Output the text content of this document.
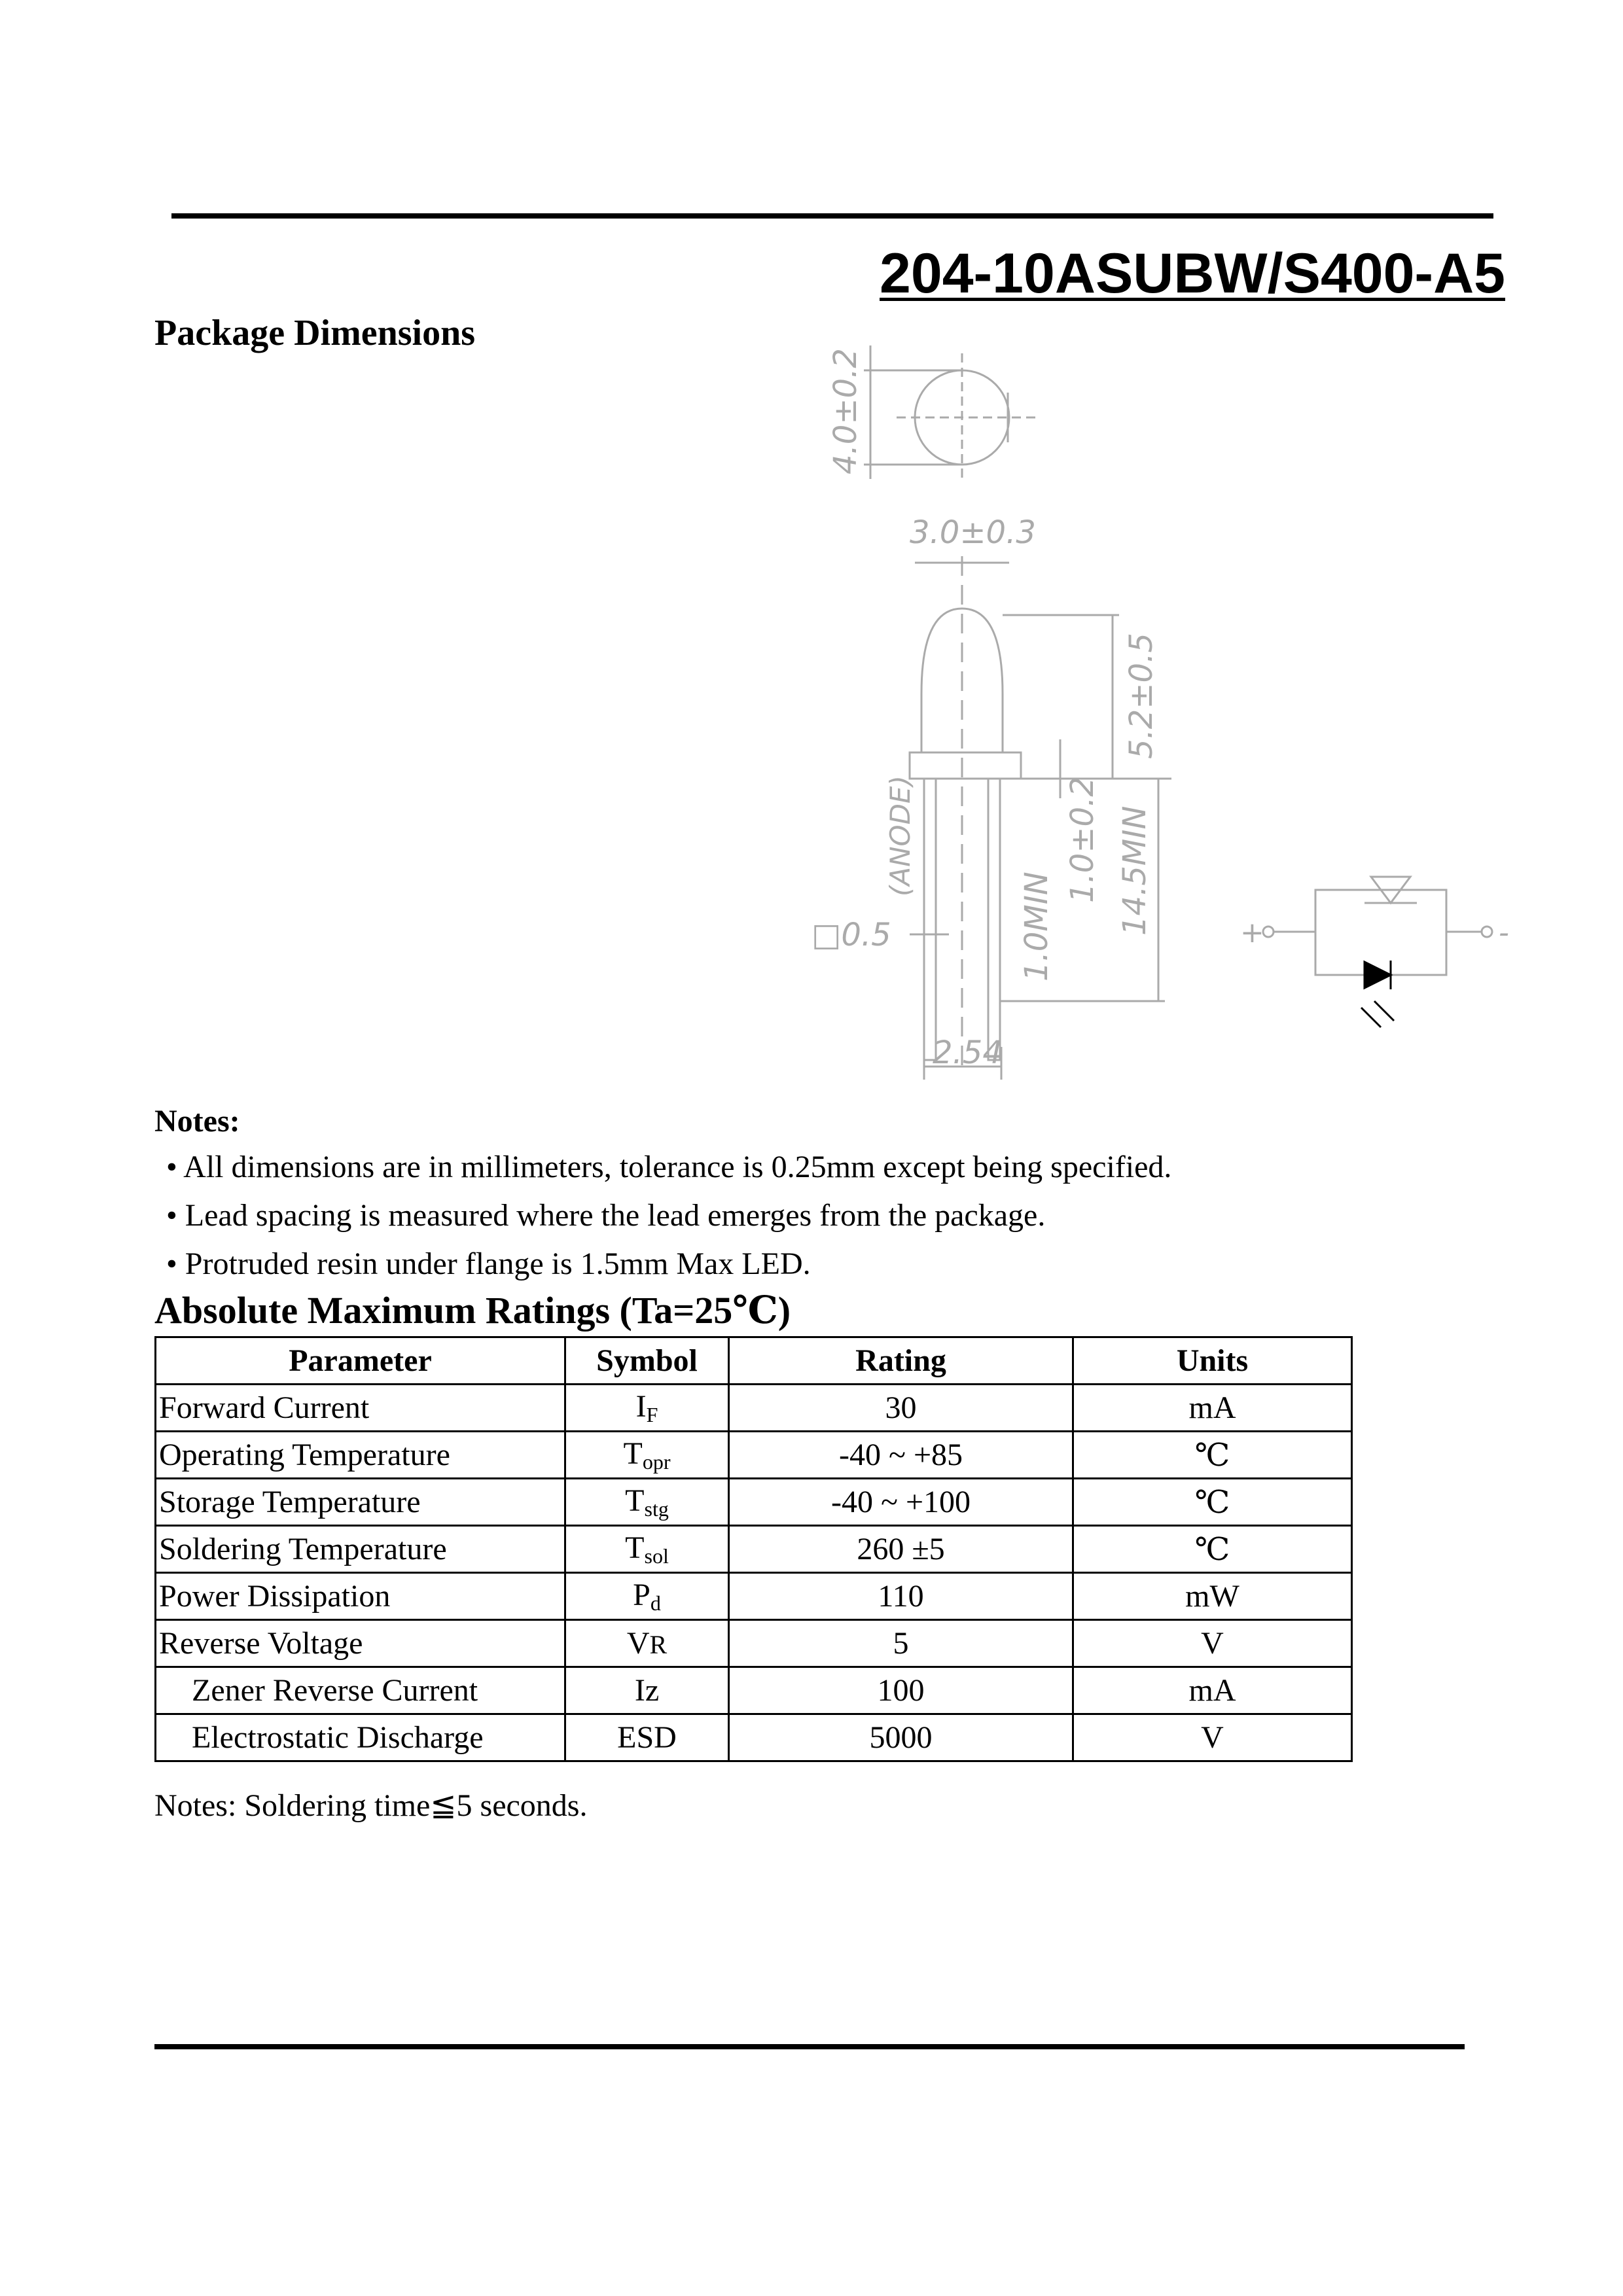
204-10ASUBW/S400-A5
Package Dimensions
4.0±0.2
3.0±0.3
5.2±0.5
1.0±0.2 14.5MIN
1.0MIN
□0.5
2.54
(ANODE)
+	-
Notes:
• All dimensions are in millimeters, tolerance is 0.25mm except being specified.
• Lead spacing is measured where the lead emerges from the package.
• Protruded resin under flange is 1.5mm Max LED.
Absolute Maximum Ratings (Ta=25℃)
Parameter	Symbol	Rating	Units
Forward Current	IF	30	mA
Operating Temperature	Topr	-40 ~ +85	℃
Storage Temperature	Tstg	-40 ~ +100	℃
Soldering Temperature	Tsol	260 ±5	℃
Power Dissipation	Pd	110	mW
Reverse Voltage	VR	5	V
Zener Reverse Current	Iz	100	mA
Electrostatic Discharge	ESD	5000	V
Notes: Soldering time≦5 seconds.
